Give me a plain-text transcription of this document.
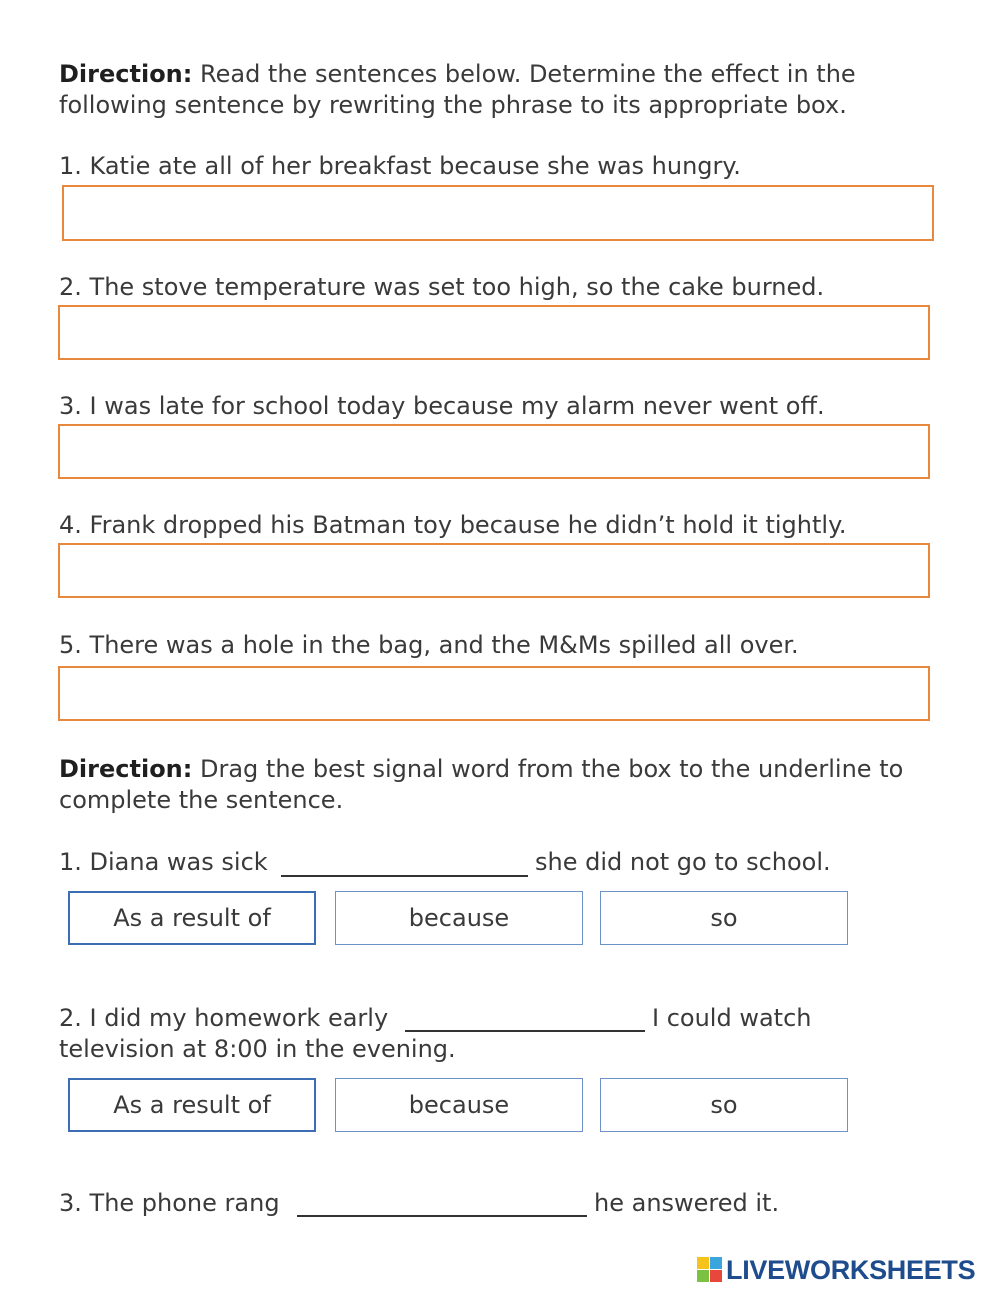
Direction: Read the sentences below. Determine the effect in the
following sentence by rewriting the phrase to its appropriate box.
1. Katie ate all of her breakfast because she was hungry.
2. The stove temperature was set too high, so the cake burned.
3. I was late for school today because my alarm never went off.
4. Frank dropped his Batman toy because he didn’t hold it tightly.
5. There was a hole in the bag, and the M&Ms spilled all over.
Direction: Drag the best signal word from the box to the underline to
complete the sentence.
1. Diana was sick	she did not go to school.
As a result of	because	so
2. I did my homework early	I could watch
television at 8:00 in the evening.
As a result of	because	so
3. The phone rang	he answered it.
LIVEWORKSHEETS
